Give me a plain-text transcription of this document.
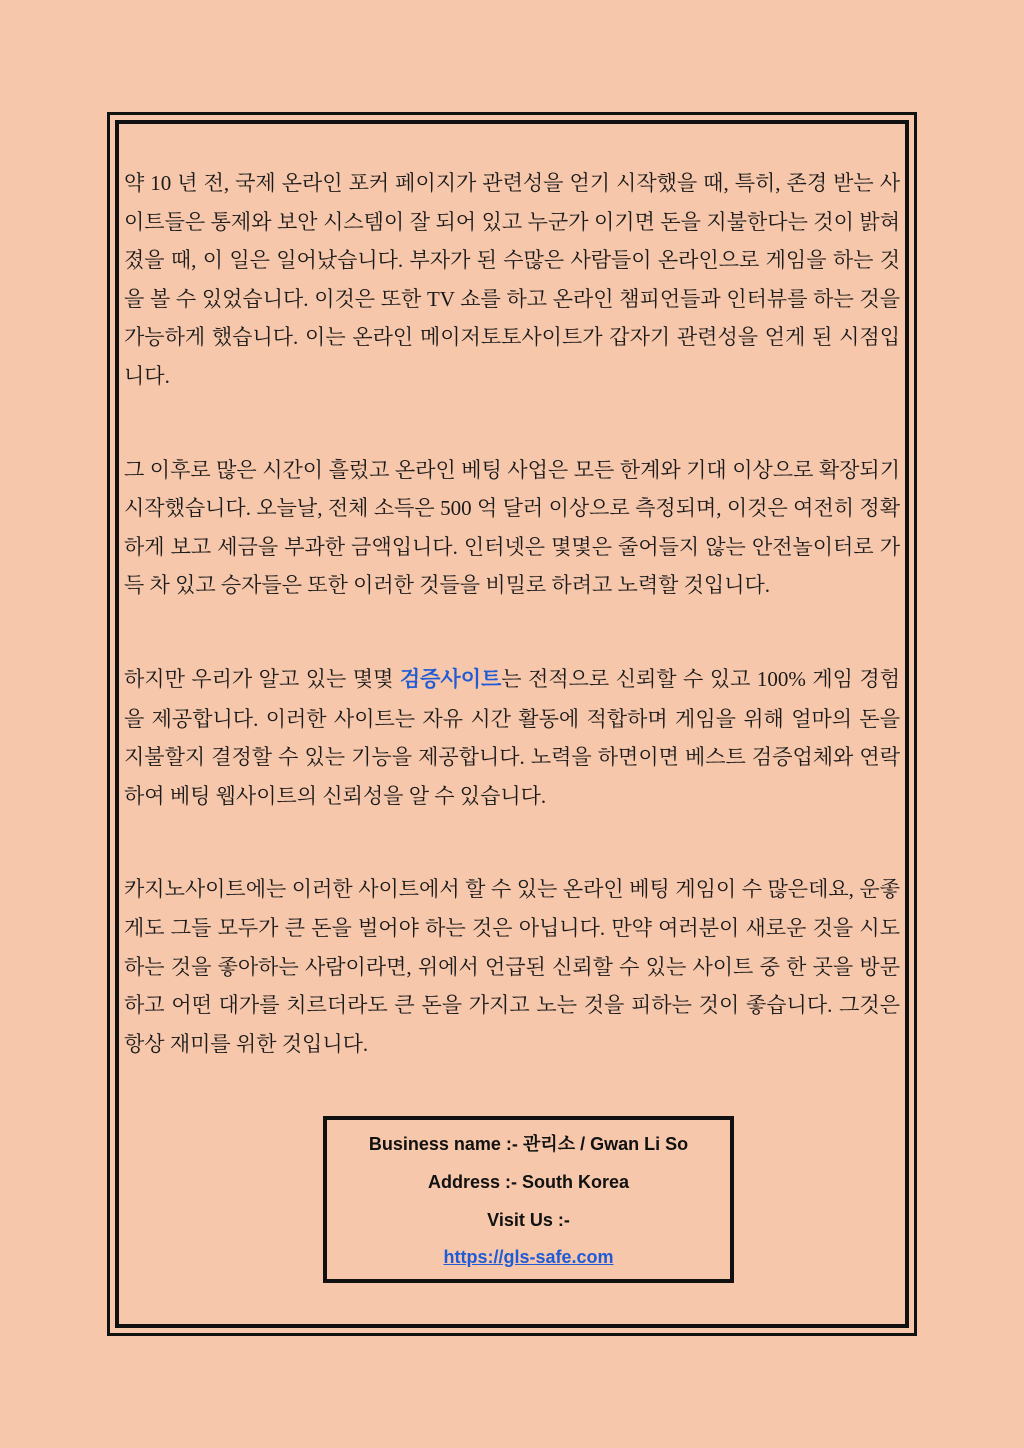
약 10 년 전, 국제 온라인 포커 페이지가 관련성을 얻기 시작했을 때, 특히, 존경 받는 사이트들은 통제와 보안 시스템이 잘 되어 있고 누군가 이기면 돈을 지불한다는 것이 밝혀졌을 때, 이 일은 일어났습니다. 부자가 된 수많은 사람들이 온라인으로 게임을 하는 것을 볼 수 있었습니다. 이것은 또한 TV 쇼를 하고 온라인 챔피언들과 인터뷰를 하는 것을 가능하게 했습니다. 이는 온라인 메이저토토사이트가 갑자기 관련성을 얻게 된 시점입니다.

그 이후로 많은 시간이 흘렀고 온라인 베팅 사업은 모든 한계와 기대 이상으로 확장되기 시작했습니다. 오늘날, 전체 소득은 500 억 달러 이상으로 측정되며, 이것은 여전히 정확하게 보고 세금을 부과한 금액입니다. 인터넷은 몇몇은 줄어들지 않는 안전놀이터로 가득 차 있고 승자들은 또한 이러한 것들을 비밀로 하려고 노력할 것입니다.

하지만 우리가 알고 있는 몇몇 검증사이트는 전적으로 신뢰할 수 있고 100% 게임 경험을 제공합니다. 이러한 사이트는 자유 시간 활동에 적합하며 게임을 위해 얼마의 돈을 지불할지 결정할 수 있는 기능을 제공합니다. 노력을 하면이면 베스트 검증업체와 연락하여 베팅 웹사이트의 신뢰성을 알 수 있습니다.

카지노사이트에는 이러한 사이트에서 할 수 있는 온라인 베팅 게임이 수 많은데요, 운좋게도 그들 모두가 큰 돈을 벌어야 하는 것은 아닙니다. 만약 여러분이 새로운 것을 시도하는 것을 좋아하는 사람이라면, 위에서 언급된 신뢰할 수 있는 사이트 중 한 곳을 방문하고 어떤 대가를 치르더라도 큰 돈을 가지고 노는 것을 피하는 것이 좋습니다. 그것은 항상 재미를 위한 것입니다.

Business name :- 관리소 / Gwan Li So
Address :- South Korea
Visit Us :-
https://gls-safe.com
